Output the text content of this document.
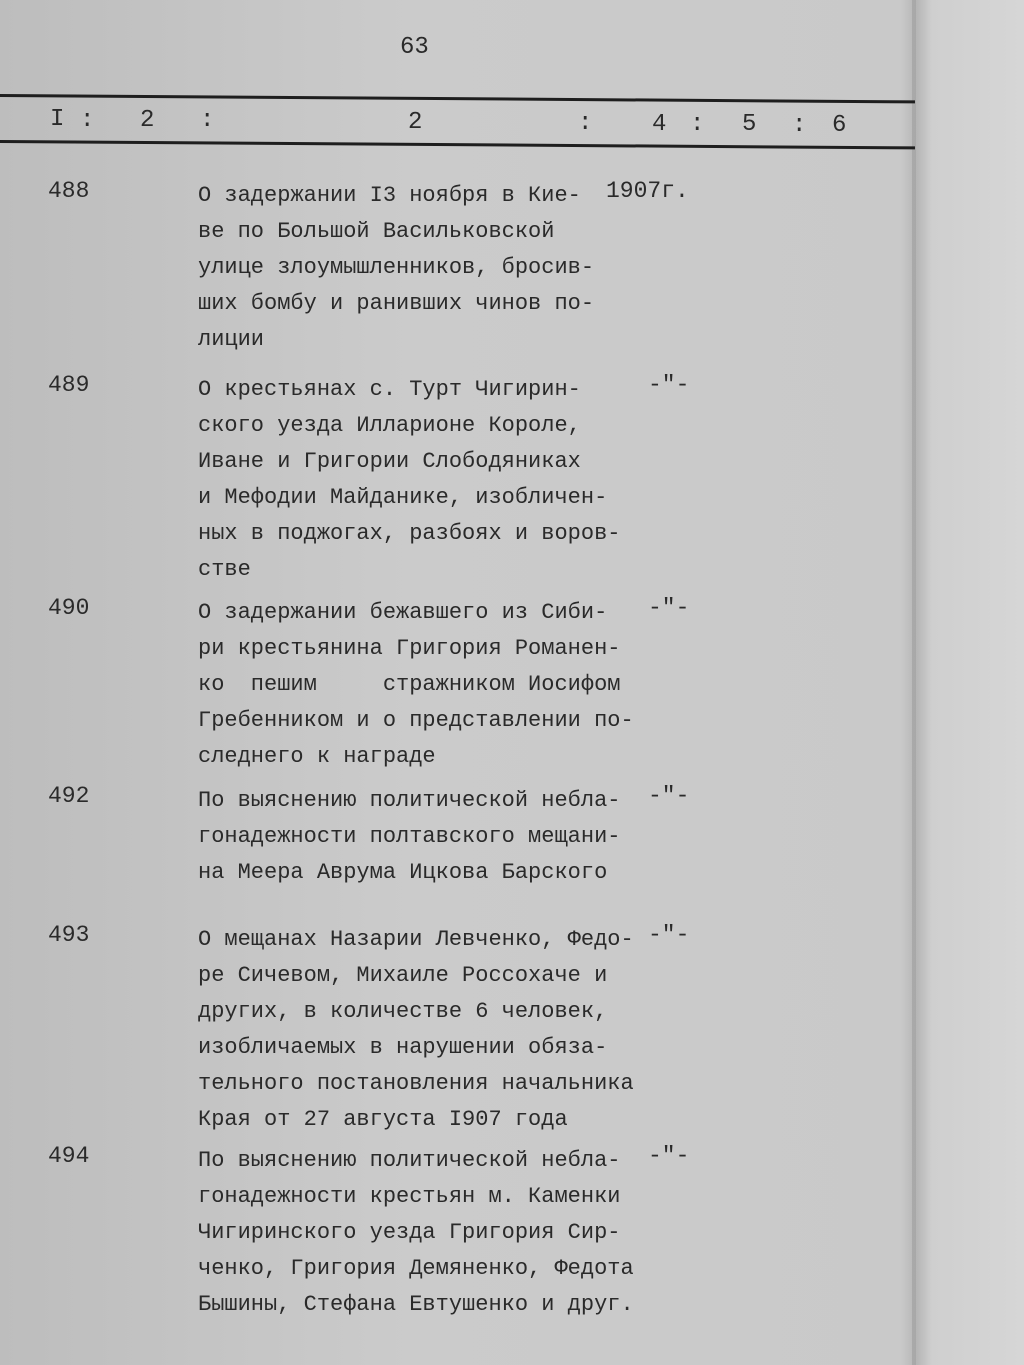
63
I : 2 :	2	: 4 : 5 : 6
488	О задержании I3 ноября в Кие-
ве по Большой Васильковской
улице злоумышленников, бросив-
ших бомбу и ранивших чинов по-
лиции
1907г.
489	О крестьянах с. Турт Чигирин-
ского уезда Илларионе Короле,
Иване и Григории Слободяниках
и Мефодии Майданике, изобличен-
ных в поджогах, разбоях и воров-
стве
-"-
490	О задержании бежавшего из Сиби-
ри крестьянина Григория Романен-
ко  пешим     стражником Иосифом
Гребенником и о представлении по-
следнего к награде
-"-
492	По выяснению политической небла-
гонадежности полтавского мещани-
на Меера Аврума Ицкова Барского
-"-
493	О мещанах Назарии Левченко, Федо-
ре Сичевом, Михаиле Россохаче и
других, в количестве 6 человек,
изобличаемых в нарушении обяза-
тельного постановления начальника
Края от 27 августа I907 года
-"-
494	По выяснению политической небла-
гонадежности крестьян м. Каменки
Чигиринского уезда Григория Сир-
ченко, Григория Демяненко, Федота
Бышины, Стефана Евтушенко и друг.
-"-
